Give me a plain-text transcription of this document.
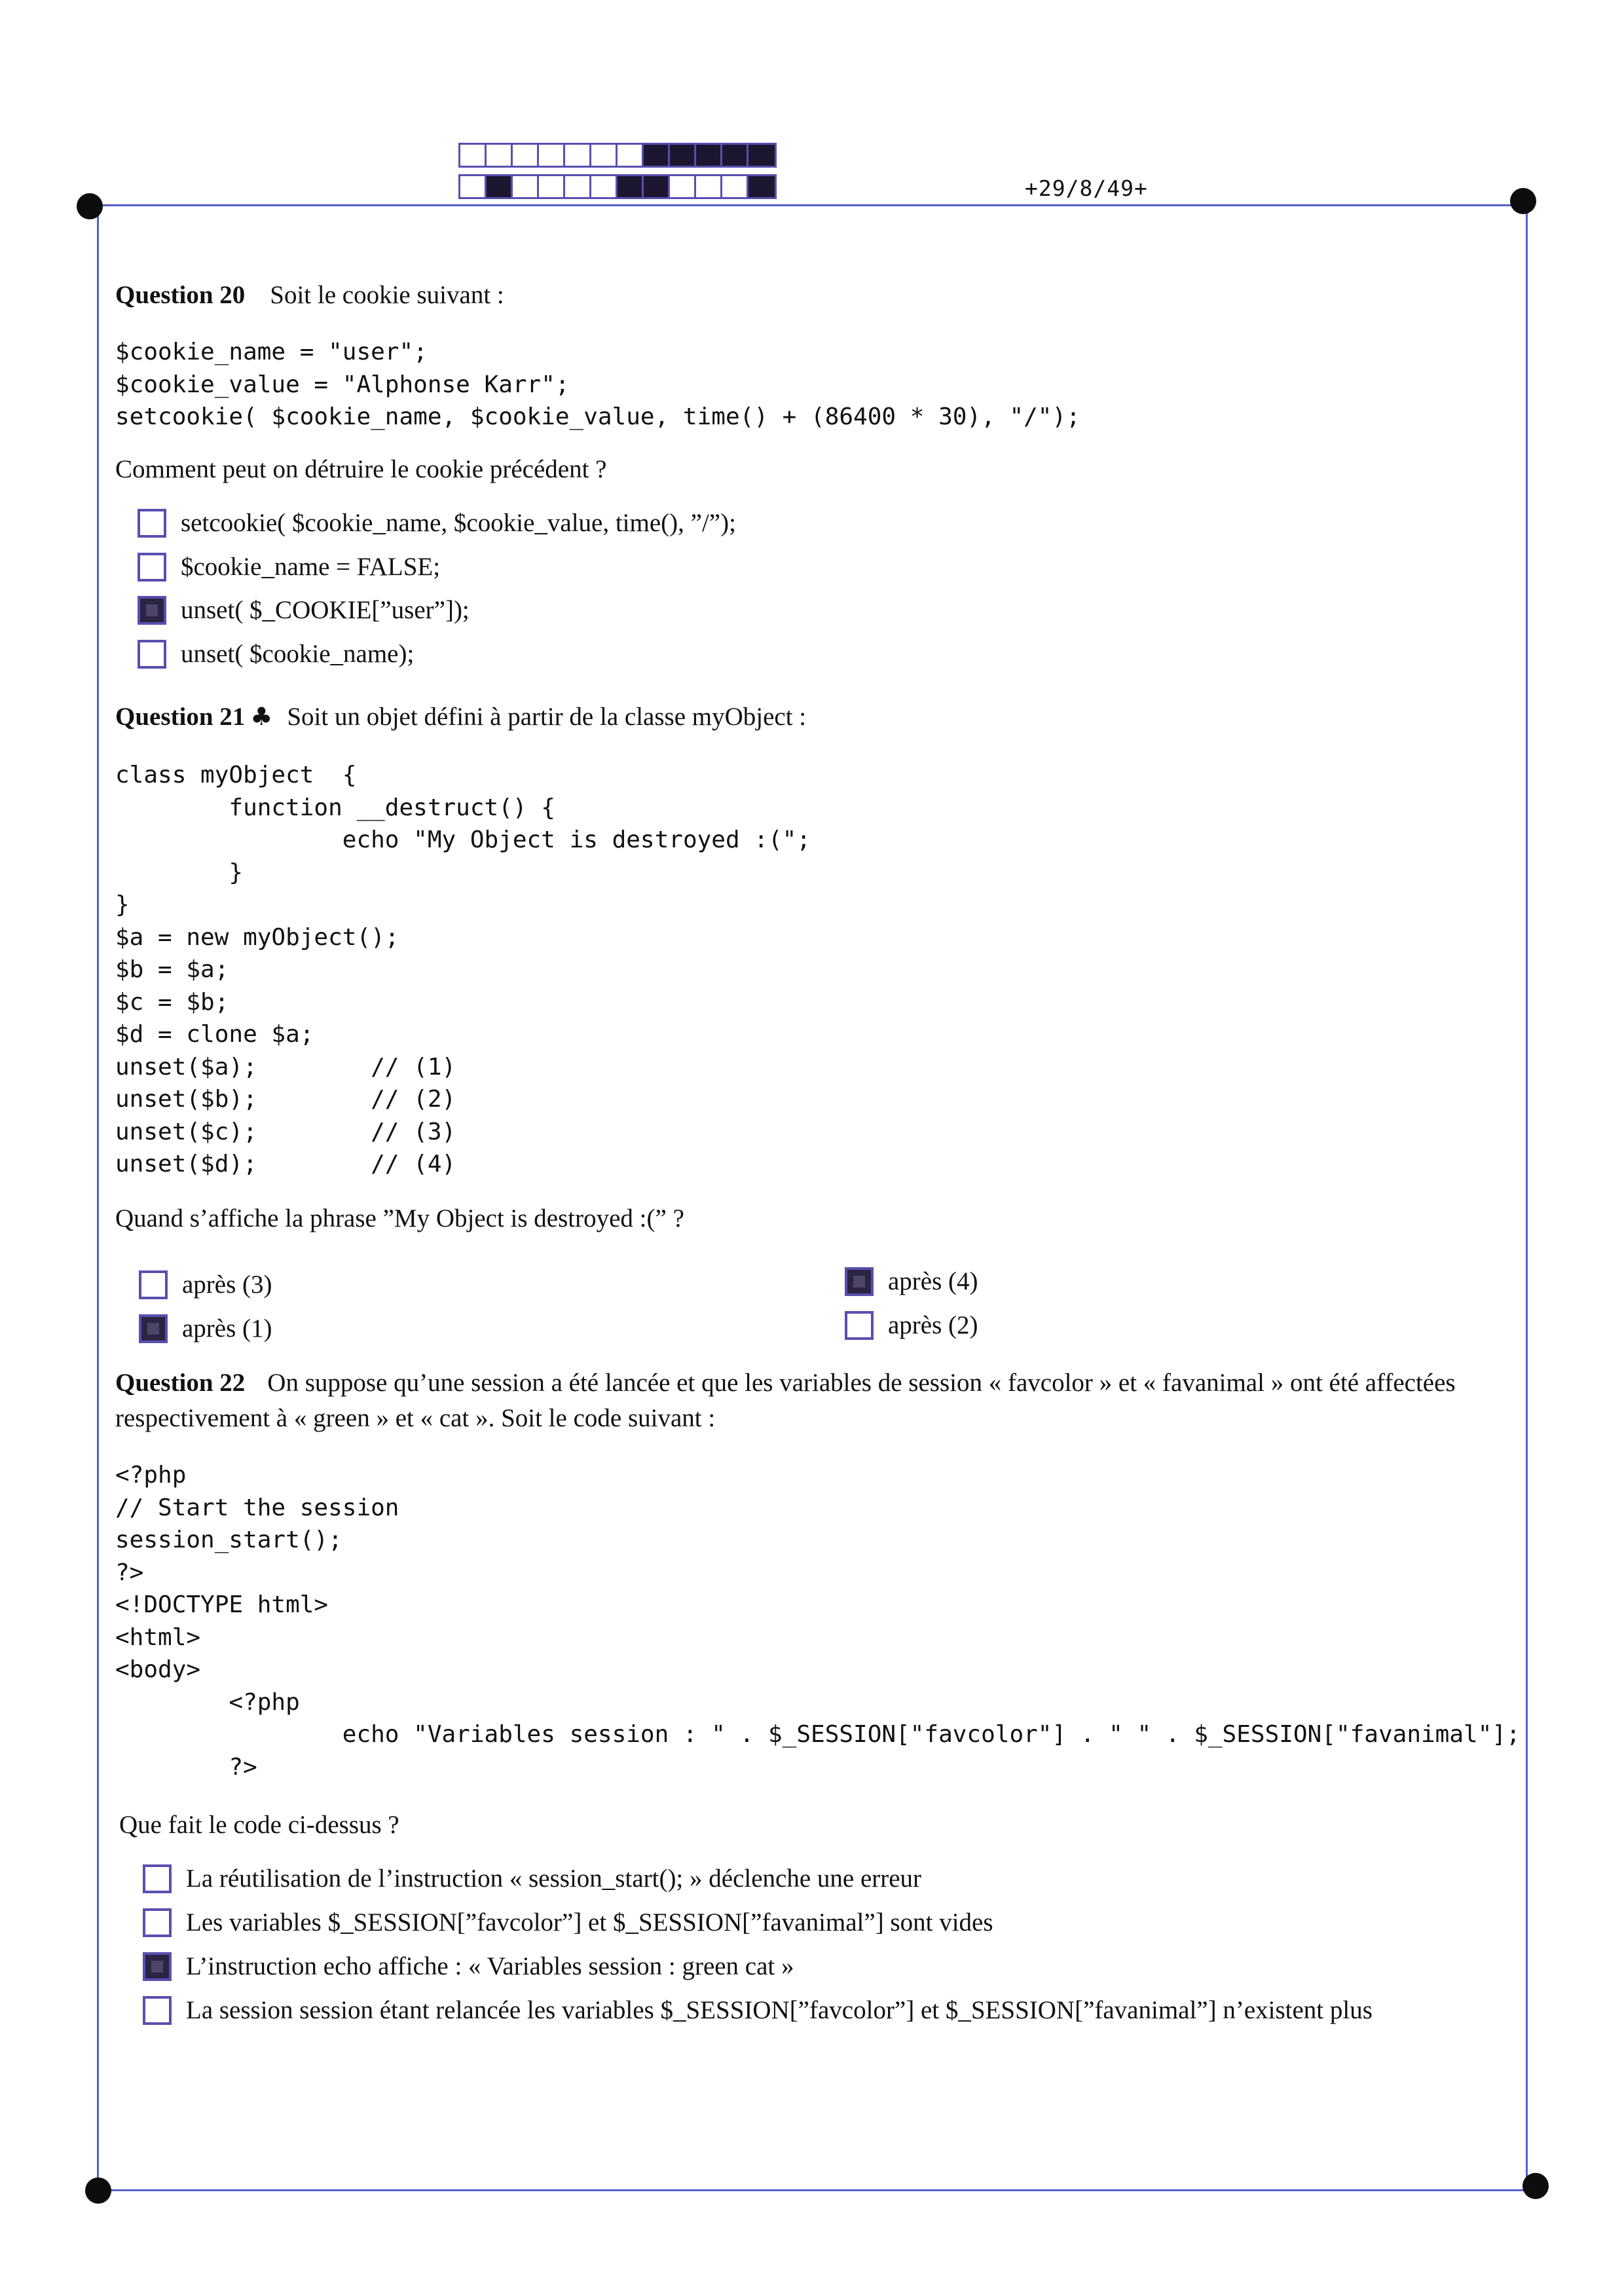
+29/8/49+
Question 20 Soit le cookie suivant :
$cookie_name = "user";
$cookie_value = "Alphonse Karr";
setcookie( $cookie_name, $cookie_value, time() + (86400 * 30), "/");
Comment peut on détruire le cookie précédent ?
setcookie( $cookie_name, $cookie_value, time(), ”/”);
$cookie_name = FALSE;
unset( $_COOKIE[”user”]);
unset( $cookie_name);
Question 21 ♣ Soit un objet défini à partir de la classe myObject :
class myObject  {
function __destruct() {
echo "My Object is destroyed :(";
}
}
$a = new myObject();
$b = $a;
$c = $b;
$d = clone $a;
unset($a);        // (1)
unset($b);        // (2)
unset($c);        // (3)
unset($d);        // (4)
Quand s’affiche la phrase ”My Object is destroyed :(” ?
après (3)
après (1)
après (4)
après (2)
Question 22 On suppose qu’une session a été lancée et que les variables de session « favcolor » et « favanimal » ont été affectées respectivement à « green » et « cat ». Soit le code suivant :
<?php
// Start the session
session_start();
?>
<!DOCTYPE html>
<html>
<body>
<?php
echo "Variables session : " . $_SESSION["favcolor"] . " " . $_SESSION["favanimal"];
?>
Que fait le code ci-dessus ?
La réutilisation de l’instruction « session_start(); » déclenche une erreur
Les variables $_SESSION[”favcolor”] et $_SESSION[”favanimal”] sont vides
L’instruction echo affiche : « Variables session : green cat »
La session session étant relancée les variables $_SESSION[”favcolor”] et $_SESSION[”favanimal”] n’existent plus
